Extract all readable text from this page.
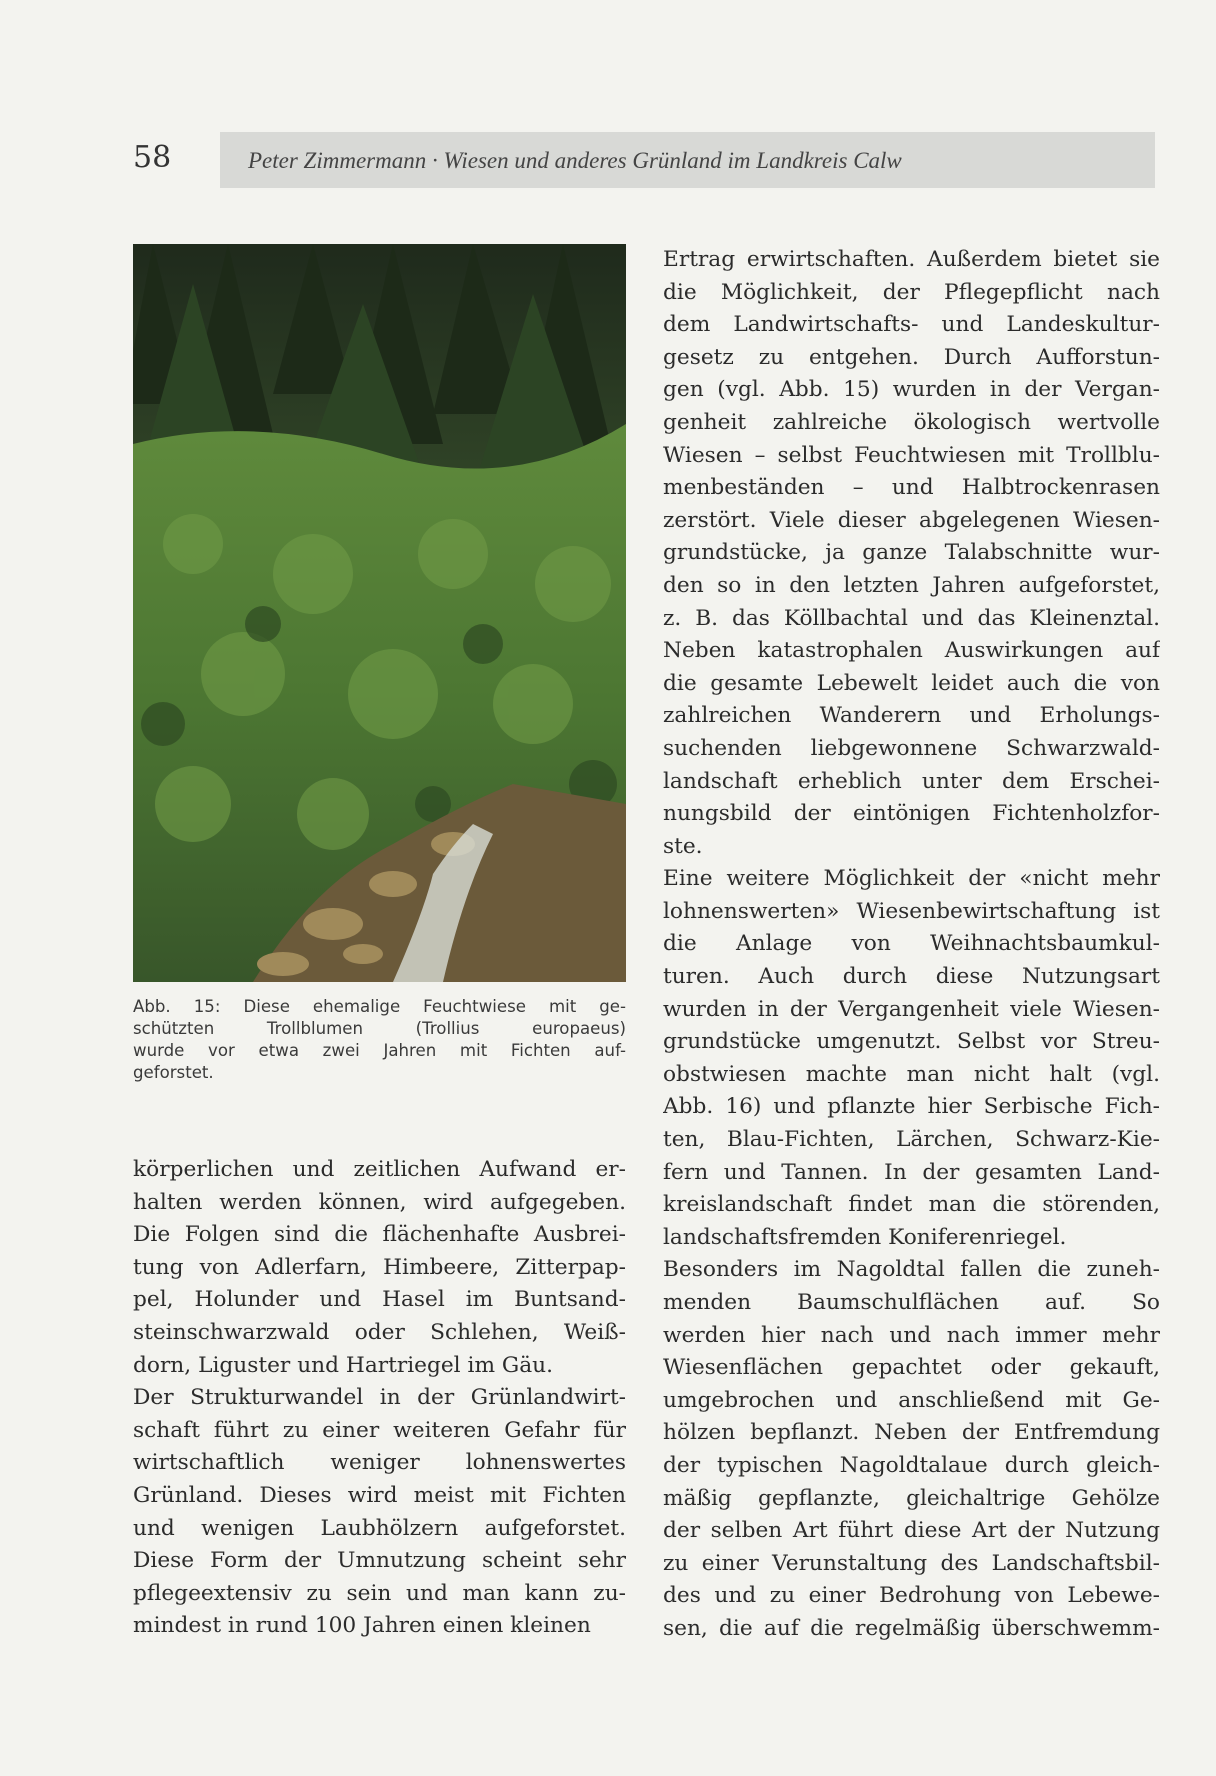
58	Peter Zimmermann · Wiesen und anderes Grünland im Landkreis Calw
Abb. 15: Diese ehemalige Feuchtwiese mit ge-
schützten Trollblumen (Trollius europaeus)
wurde vor etwa zwei Jahren mit Fichten auf-
geforstet.
körperlichen und zeitlichen Aufwand er-
halten werden können, wird aufgegeben.
Die Folgen sind die flächenhafte Ausbrei-
tung von Adlerfarn, Himbeere, Zitterpap-
pel, Holunder und Hasel im Buntsand-
steinschwarzwald oder Schlehen, Weiß-
dorn, Liguster und Hartriegel im Gäu.
Der Strukturwandel in der Grünlandwirt-
schaft führt zu einer weiteren Gefahr für
wirtschaftlich weniger lohnenswertes
Grünland. Dieses wird meist mit Fichten
und wenigen Laubhölzern aufgeforstet.
Diese Form der Umnutzung scheint sehr
pflegeextensiv zu sein und man kann zu-
mindest in rund 100 Jahren einen kleinen
Ertrag erwirtschaften. Außerdem bietet sie
die Möglichkeit, der Pflegepflicht nach
dem Landwirtschafts- und Landeskultur-
gesetz zu entgehen. Durch Aufforstun-
gen (vgl. Abb. 15) wurden in der Vergan-
genheit zahlreiche ökologisch wertvolle
Wiesen – selbst Feuchtwiesen mit Trollblu-
menbeständen – und Halbtrockenrasen
zerstört. Viele dieser abgelegenen Wiesen-
grundstücke, ja ganze Talabschnitte wur-
den so in den letzten Jahren aufgeforstet,
z. B. das Köllbachtal und das Kleinenztal.
Neben katastrophalen Auswirkungen auf
die gesamte Lebewelt leidet auch die von
zahlreichen Wanderern und Erholungs-
suchenden liebgewonnene Schwarzwald-
landschaft erheblich unter dem Erschei-
nungsbild der eintönigen Fichtenholzfor-
ste.
Eine weitere Möglichkeit der «nicht mehr
lohnenswerten» Wiesenbewirtschaftung ist
die Anlage von Weihnachtsbaumkul-
turen. Auch durch diese Nutzungsart
wurden in der Vergangenheit viele Wiesen-
grundstücke umgenutzt. Selbst vor Streu-
obstwiesen machte man nicht halt (vgl.
Abb. 16) und pflanzte hier Serbische Fich-
ten, Blau-Fichten, Lärchen, Schwarz-Kie-
fern und Tannen. In der gesamten Land-
kreislandschaft findet man die störenden,
landschaftsfremden Koniferenriegel.
Besonders im Nagoldtal fallen die zuneh-
menden Baumschulflächen auf. So
werden hier nach und nach immer mehr
Wiesenflächen gepachtet oder gekauft,
umgebrochen und anschließend mit Ge-
hölzen bepflanzt. Neben der Entfremdung
der typischen Nagoldtalaue durch gleich-
mäßig gepflanzte, gleichaltrige Gehölze
der selben Art führt diese Art der Nutzung
zu einer Verunstaltung des Landschaftsbil-
des und zu einer Bedrohung von Lebewe-
sen, die auf die regelmäßig überschwemm-
